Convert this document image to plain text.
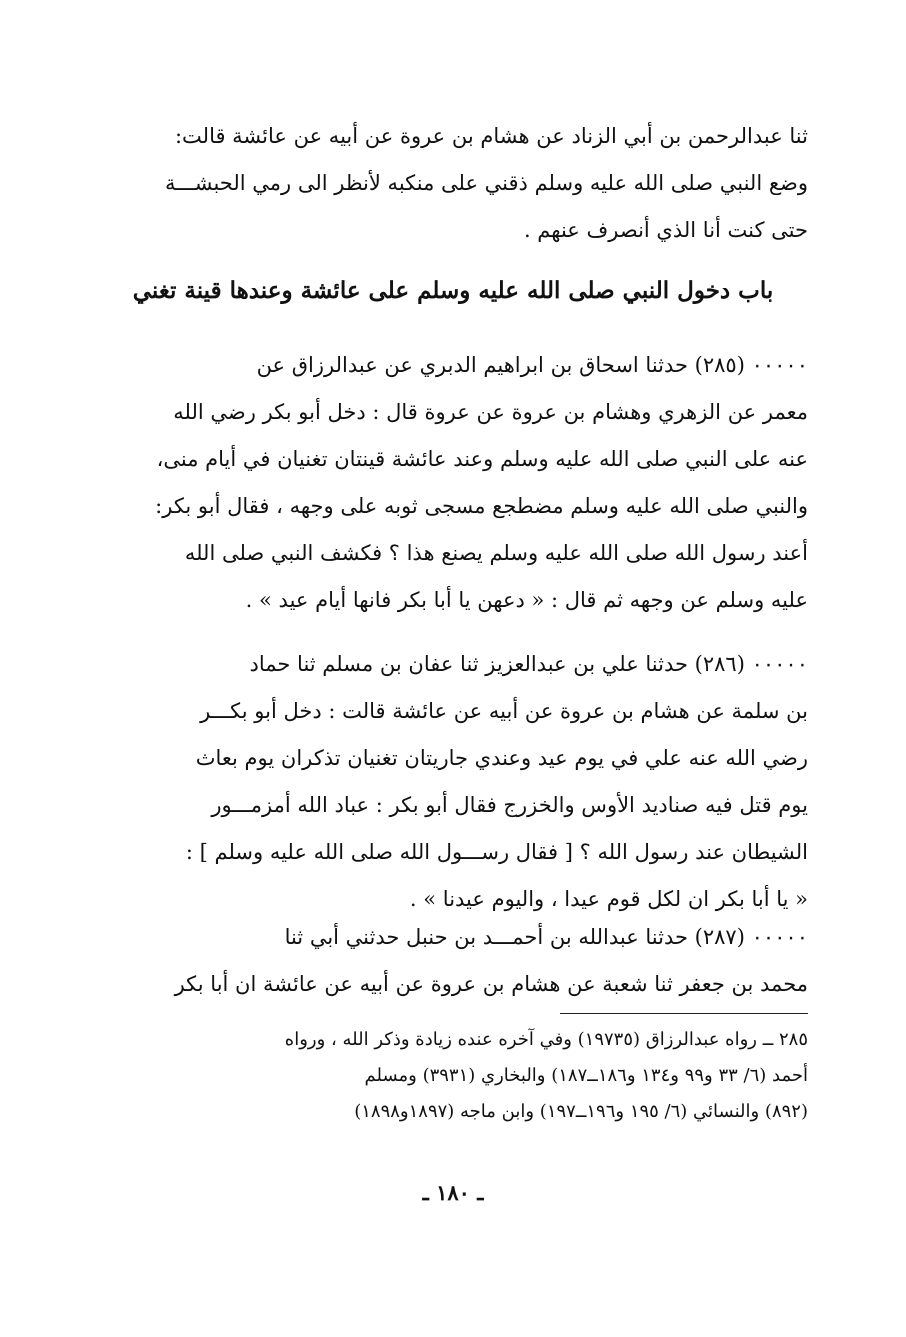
ثنا عبدالرحمن بن أبي الزناد عن هشام بن عروة عن أبيه عن عائشة قالت:
وضع النبي صلى الله عليه وسلم ذقني على منكبه لأنظر الى رمي الحبشـــة
حتى كنت أنا الذي أنصرف عنهم .
باب دخول النبي صلى الله عليه وسلم على عائشة وعندها قينة تغني
٠٠٠٠٠ (٢٨٥) حدثنا اسحاق بن ابراهيم الدبري عن عبدالرزاق عن
معمر عن الزهري وهشام بن عروة عن عروة قال : دخل أبو بكر رضي الله
عنه على النبي صلى الله عليه وسلم وعند عائشة قينتان تغنيان في أيام منى،
والنبي صلى الله عليه وسلم مضطجع مسجى ثوبه على وجهه ، فقال أبو بكر:
أعند رسول الله صلى الله عليه وسلم يصنع هذا ؟ فكشف النبي صلى الله
عليه وسلم عن وجهه ثم قال : « دعهن يا أبا بكر فانها أيام عيد » .
٠٠٠٠٠ (٢٨٦) حدثنا علي بن عبدالعزيز ثنا عفان بن مسلم ثنا حماد
بن سلمة عن هشام بن عروة عن أبيه عن عائشة قالت : دخل أبو بكـــر
رضي الله عنه علي في يوم عيد وعندي جاريتان تغنيان تذكران يوم بعاث
يوم قتل فيه صناديد الأوس والخزرج فقال أبو بكر : عباد الله أمزمـــور
الشيطان عند رسول الله ؟ [ فقال رســـول الله صلى الله عليه وسلم ] :
« يا أبا بكر ان لكل قوم عيدا ، واليوم عيدنا » .
٠٠٠٠٠ (٢٨٧) حدثنا عبدالله بن أحمـــد بن حنبل حدثني أبي ثنا
محمد بن جعفر ثنا شعبة عن هشام بن عروة عن أبيه عن عائشة ان أبا بكر
٢٨٥ ــ رواه عبدالرزاق (١٩٧٣٥) وفي آخره عنده زيادة وذكر الله ، ورواه
أحمد (٦/ ٣٣ و٩٩ و١٣٤ و١٨٦ــ١٨٧) والبخاري (٣٩٣١) ومسلم
(٨٩٢) والنسائي (٦/ ١٩٥ و١٩٦ــ١٩٧) وابن ماجه (١٨٩٧و١٨٩٨)
ـ ١٨٠ ـ
